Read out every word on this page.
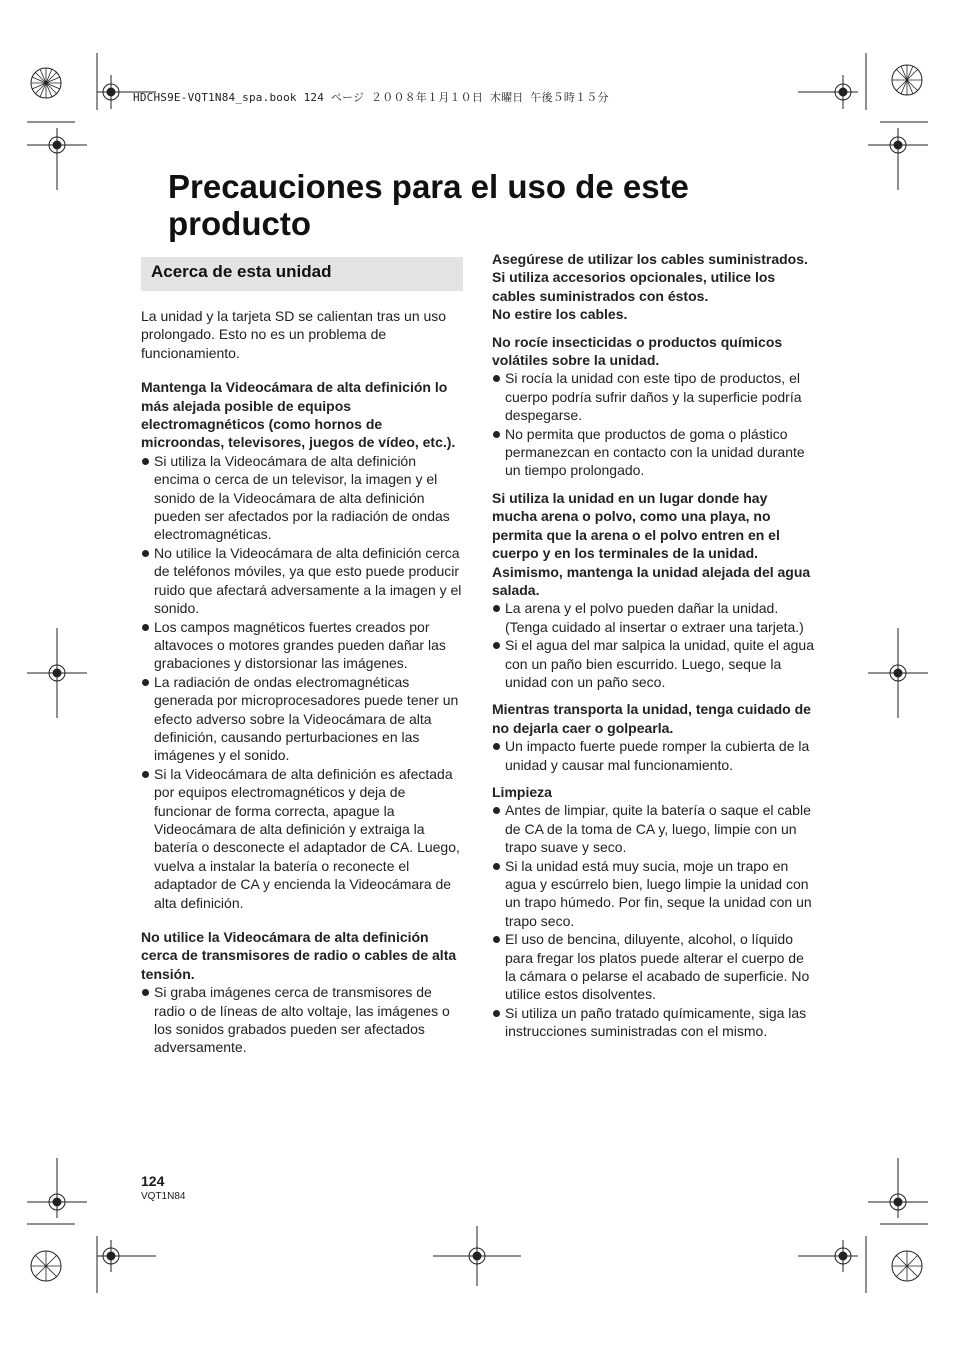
HDCHS9E-VQT1N84_spa.book 124 ページ ２００８年１月１０日 木曜日 午後５時１５分
Precauciones para el uso de este producto
Acerca de esta unidad

La unidad y la tarjeta SD se calientan tras un uso prolongado. Esto no es un problema de funcionamiento.

Mantenga la Videocámara de alta definición lo más alejada posible de equipos electromagnéticos (como hornos de microondas, televisores, juegos de vídeo, etc.).

Si utiliza la Videocámara de alta definición encima o cerca de un televisor, la imagen y el sonido de la Videocámara de alta definición pueden ser afectados por la radiación de ondas electromagnéticas.
No utilice la Videocámara de alta definición cerca de teléfonos móviles, ya que esto puede producir ruido que afectará adversamente a la imagen y el sonido.
Los campos magnéticos fuertes creados por altavoces o motores grandes pueden dañar las grabaciones y distorsionar las imágenes.
La radiación de ondas electromagnéticas generada por microprocesadores puede tener un efecto adverso sobre la Videocámara de alta definición, causando perturbaciones en las imágenes y el sonido.
Si la Videocámara de alta definición es afectada por equipos electromagnéticos y deja de funcionar de forma correcta, apague la Videocámara de alta definición y extraiga la batería o desconecte el adaptador de CA. Luego, vuelva a instalar la batería o reconecte el adaptador de CA y encienda la Videocámara de alta definición.

No utilice la Videocámara de alta definición cerca de transmisores de radio o cables de alta tensión.

Si graba imágenes cerca de transmisores de radio o de líneas de alto voltaje, las imágenes o los sonidos grabados pueden ser afectados adversamente.

Asegúrese de utilizar los cables suministrados. Si utiliza accesorios opcionales, utilice los cables suministrados con éstos.

No estire los cables.

No rocíe insecticidas o productos químicos volátiles sobre la unidad.

Si rocía la unidad con este tipo de productos, el cuerpo podría sufrir daños y la superficie podría despegarse.
No permita que productos de goma o plástico permanezcan en contacto con la unidad durante un tiempo prolongado.

Si utiliza la unidad en un lugar donde hay mucha arena o polvo, como una playa, no permita que la arena o el polvo entren en el cuerpo y en los terminales de la unidad. Asimismo, mantenga la unidad alejada del agua salada.

La arena y el polvo pueden dañar la unidad. (Tenga cuidado al insertar o extraer una tarjeta.)
Si el agua del mar salpica la unidad, quite el agua con un paño bien escurrido. Luego, seque la unidad con un paño seco.

Mientras transporta la unidad, tenga cuidado de no dejarla caer o golpearla.

Un impacto fuerte puede romper la cubierta de la unidad y causar mal funcionamiento.

Limpieza

Antes de limpiar, quite la batería o saque el cable de CA de la toma de CA y, luego, limpie con un trapo suave y seco.
Si la unidad está muy sucia, moje un trapo en agua y escúrrelo bien, luego limpie la unidad con un trapo húmedo. Por fin, seque la unidad con un trapo seco.
El uso de bencina, diluyente, alcohol, o líquido para fregar los platos puede alterar el cuerpo de la cámara o pelarse el acabado de superficie. No utilice estos disolventes.
Si utiliza un paño tratado químicamente, siga las instrucciones suministradas con el mismo.
124
VQT1N84
